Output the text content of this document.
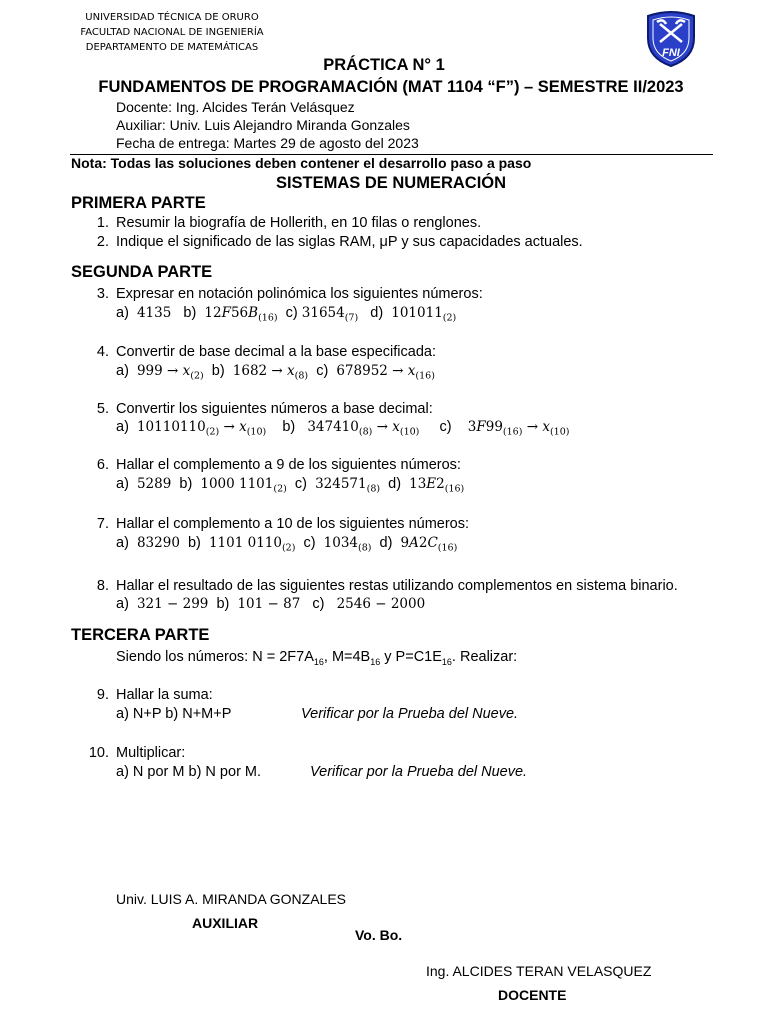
UNIVERSIDAD TÉCNICA DE ORURO
FACULTAD NACIONAL DE INGENIERÍA
DEPARTAMENTO DE MATEMÁTICAS	FNI
PRÁCTICA N° 1
FUNDAMENTOS DE PROGRAMACIÓN (MAT 1104 “F”) – SEMESTRE II/2023
Docente: Ing. Alcides Terán Velásquez
Auxiliar: Univ. Luis Alejandro Miranda Gonzales
Fecha de entrega: Martes 29 de agosto del 2023
Nota: Todas las soluciones deben contener el desarrollo paso a paso
SISTEMAS DE NUMERACIÓN
PRIMERA PARTE
1. Resumir la biografía de Hollerith, en 10 filas o renglones.
2. Indique el significado de las siglas RAM, μP y sus capacidades actuales.
SEGUNDA PARTE
3. Expresar en notación polinómica los siguientes números:
a) 4135 b) $12F56B_{(16)}$ c) $31654_{(7)}$ d) $101011_{(2)}$
4. Convertir de base decimal a la base especificada:
a) $999 \to x_{(2)}$ b) $1682 \to x_{(8)}$ c) $678952 \to x_{(16)}$
5. Convertir los siguientes números a base decimal:
a) $10110110_{(2)} \to x_{(10)}$ b) $347410_{(8)} \to x_{(10)}$ c) $3F99_{(16)} \to x_{(10)}$
6. Hallar el complemento a 9 de los siguientes números:
a) 5289 b) 1000 $1101_{(2)}$ c) $324571_{(8)}$ d) $13E2_{(16)}$
7. Hallar el complemento a 10 de los siguientes números:
a) 83290 b) 1101 $0110_{(2)}$ c) $1034_{(8)}$ d) $9A2C_{(16)}$
8. Hallar el resultado de las siguientes restas utilizando complementos en sistema binario.
a) 321 − 299 b) 101 − 87 c) 2546 − 2000
TERCERA PARTE
Siendo los números: $N = 2F7A_{16}$, $M=4B_{16}$ y $P=C1E_{16}$. Realizar:
9. Hallar la suma:
a) N+P b) N+M+P	Verificar por la Prueba del Nueve.
10. Multiplicar:
a) N por M b) N por M.	Verificar por la Prueba del Nueve.
Univ. LUIS A. MIRANDA GONZALES
AUXILIAR
Vo. Bo.
Ing. ALCIDES TERAN VELASQUEZ
DOCENTE
